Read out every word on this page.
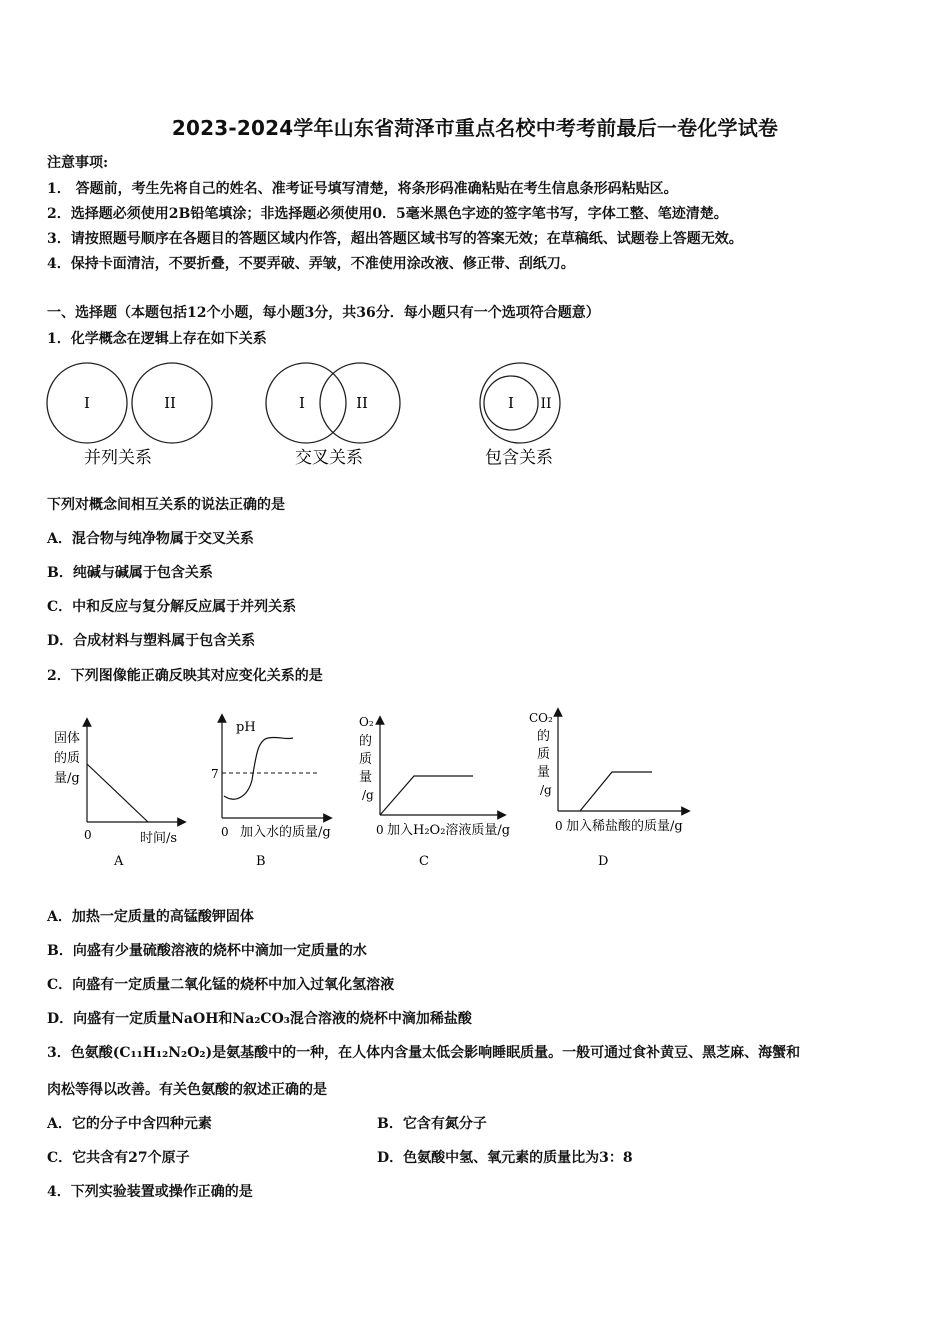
2023-2024学年山东省菏泽市重点名校中考考前最后一卷化学试卷
注意事项:
1． 答题前，考生先将自己的姓名、准考证号填写清楚，将条形码准确粘贴在考生信息条形码粘贴区。
2．选择题必须使用2B铅笔填涂；非选择题必须使用0．5毫米黑色字迹的签字笔书写，字体工整、笔迹清楚。
3．请按照题号顺序在各题目的答题区域内作答，超出答题区域书写的答案无效；在草稿纸、试题卷上答题无效。
4．保持卡面清洁，不要折叠，不要弄破、弄皱，不准使用涂改液、修正带、刮纸刀。
一、选择题（本题包括12个小题，每小题3分，共36分．每小题只有一个选项符合题意）
1．化学概念在逻辑上存在如下关系
I	II
并列关系
I	II
交叉关系
I II
包含关系
下列对概念间相互关系的说法正确的是
A．混合物与纯净物属于交叉关系
B．纯碱与碱属于包含关系
C．中和反应与复分解反应属于并列关系
D．合成材料与塑料属于包含关系
2．下列图像能正确反映其对应变化关系的是
固体
的质
量/g
0	时间/s
A
pH
7
0 加入水的质量/g
B
O₂
的
质
量
/g
0 加入H₂O₂溶液质量/g
C
CO₂
的
质
量
/g
0 加入稀盐酸的质量/g
D
A．加热一定质量的高锰酸钾固体
B．向盛有少量硫酸溶液的烧杯中滴加一定质量的水
C．向盛有一定质量二氧化锰的烧杯中加入过氧化氢溶液
D．向盛有一定质量NaOH和Na₂CO₃混合溶液的烧杯中滴加稀盐酸
3．色氨酸(C₁₁H₁₂N₂O₂)是氨基酸中的一种，在人体内含量太低会影响睡眠质量。一般可通过食补黄豆、黑芝麻、海蟹和
肉松等得以改善。有关色氨酸的叙述正确的是
A．它的分子中含四种元素	B．它含有氮分子
C．它共含有27个原子	D．色氨酸中氢、氧元素的质量比为3：8
4．下列实验装置或操作正确的是
